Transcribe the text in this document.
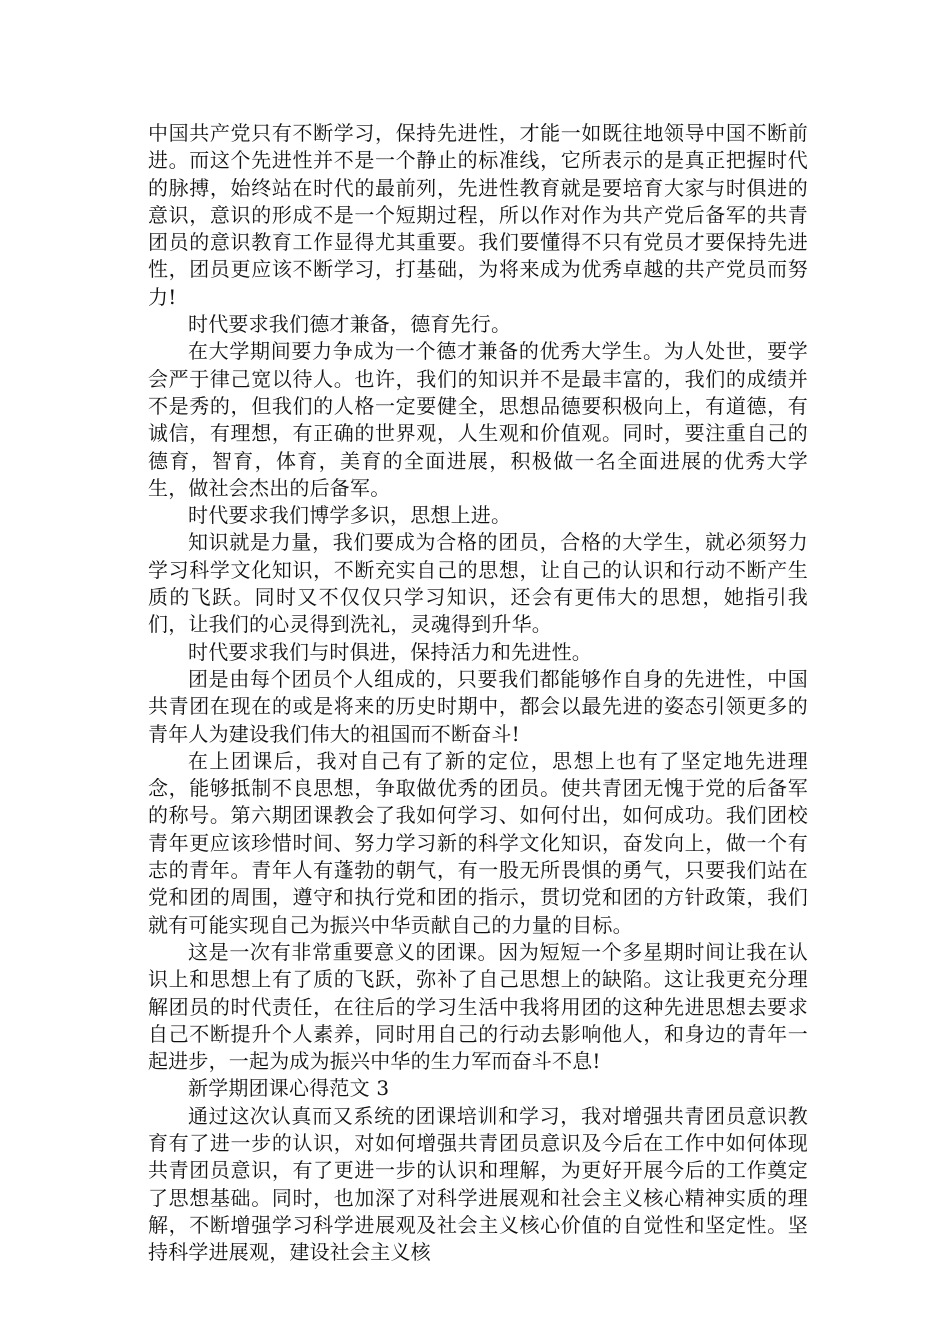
中国共产党只有不断学习，保持先进性，才能一如既往地领导中国不断前进。而这个先进性并不是一个静止的标准线，它所表示的是真正把握时代的脉搏，始终站在时代的最前列，先进性教育就是要培育大家与时俱进的意识，意识的形成不是一个短期过程，所以作对作为共产党后备军的共青团员的意识教育工作显得尤其重要。我们要懂得不只有党员才要保持先进性，团员更应该不断学习，打基础，为将来成为优秀卓越的共产党员而努力!

时代要求我们德才兼备，德育先行。

在大学期间要力争成为一个德才兼备的优秀大学生。为人处世，要学会严于律己宽以待人。也许，我们的知识并不是最丰富的，我们的成绩并不是秀的，但我们的人格一定要健全，思想品德要积极向上，有道德，有诚信，有理想，有正确的世界观，人生观和价值观。同时，要注重自己的德育，智育，体育，美育的全面进展，积极做一名全面进展的优秀大学生，做社会杰出的后备军。

时代要求我们博学多识，思想上进。

知识就是力量，我们要成为合格的团员，合格的大学生，就必须努力学习科学文化知识，不断充实自己的思想，让自己的认识和行动不断产生质的飞跃。同时又不仅仅只学习知识，还会有更伟大的思想，她指引我们，让我们的心灵得到洗礼，灵魂得到升华。

时代要求我们与时俱进，保持活力和先进性。

团是由每个团员个人组成的，只要我们都能够作自身的先进性，中国共青团在现在的或是将来的历史时期中，都会以最先进的姿态引领更多的青年人为建设我们伟大的祖国而不断奋斗!

在上团课后，我对自己有了新的定位，思想上也有了坚定地先进理念，能够抵制不良思想，争取做优秀的团员。使共青团无愧于党的后备军的称号。第六期团课教会了我如何学习、如何付出，如何成功。我们团校青年更应该珍惜时间、努力学习新的科学文化知识，奋发向上，做一个有志的青年。青年人有蓬勃的朝气，有一股无所畏惧的勇气，只要我们站在党和团的周围，遵守和执行党和团的指示，贯切党和团的方针政策，我们就有可能实现自己为振兴中华贡献自己的力量的目标。

这是一次有非常重要意义的团课。因为短短一个多星期时间让我在认识上和思想上有了质的飞跃，弥补了自己思想上的缺陷。这让我更充分理解团员的时代责任，在往后的学习生活中我将用团的这种先进思想去要求自己不断提升个人素养，同时用自己的行动去影响他人，和身边的青年一起进步，一起为成为振兴中华的生力军而奋斗不息!

新学期团课心得范文 3

通过这次认真而又系统的团课培训和学习，我对增强共青团员意识教育有了进一步的认识，对如何增强共青团员意识及今后在工作中如何体现共青团员意识，有了更进一步的认识和理解，为更好开展今后的工作奠定了思想基础。同时，也加深了对科学进展观和社会主义核心精神实质的理解，不断增强学习科学进展观及社会主义核心价值的自觉性和坚定性。坚持科学进展观，建设社会主义核
